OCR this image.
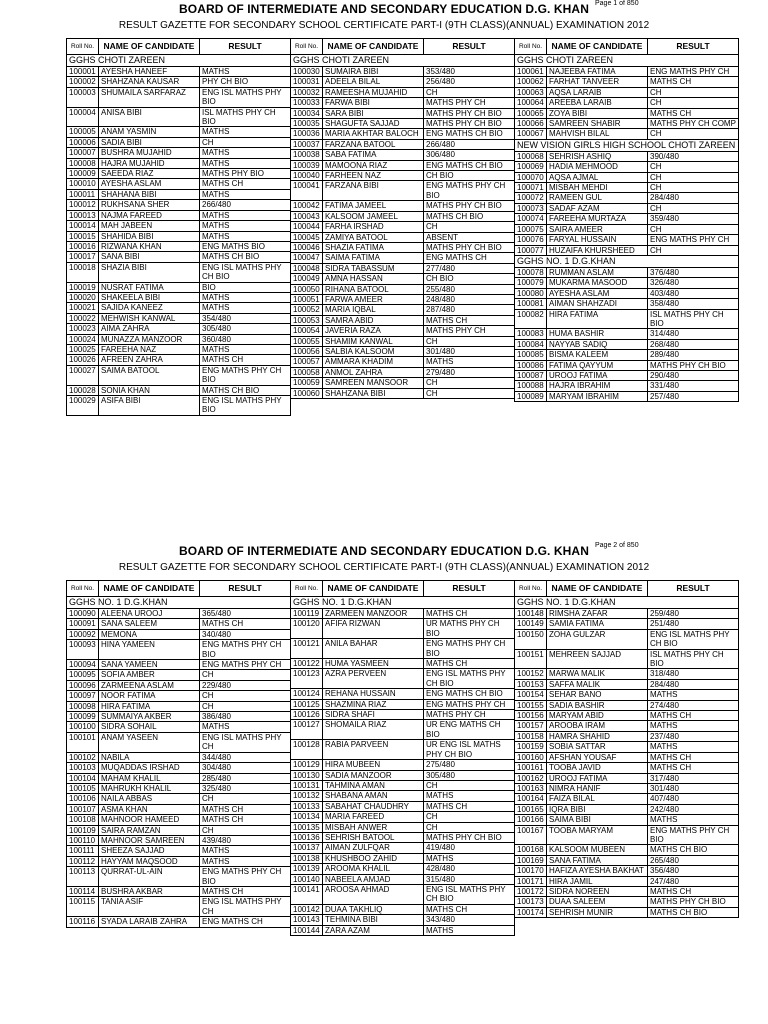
BOARD OF INTERMEDIATE AND SECONDARY EDUCATION D.G. KHAN Page 1 of 850
RESULT GAZETTE FOR SECONDARY SCHOOL CERTIFICATE PART-I (9TH CLASS)(ANNUAL) EXAMINATION 2012
Roll No.	NAME OF CANDIDATE	RESULT
GGHS CHOTI ZAREEN		
100001	AYESHA HANEEF	MATHS
100002	SHAHZANA KAUSAR	PHY CH BIO
100003	SHUMAILA SARFARAZ	ENG ISL MATHS PHY BIO
100004	ANISA BIBI	ISL MATHS PHY CH BIO
100005	ANAM YASMIN	MATHS
100006	SADIA BIBI	CH
100007	BUSHRA MUJAHID	MATHS
100008	HAJRA MUJAHID	MATHS
100009	SAEEDA RIAZ	MATHS PHY BIO
100010	AYESHA ASLAM	MATHS CH
100011	SHAHANA BIBI	MATHS
100012	RUKHSANA SHER	266/480
100013	NAJMA FAREED	MATHS
100014	MAH JABEEN	MATHS
100015	SHAHIDA BIBI	MATHS
100016	RIZWANA KHAN	ENG MATHS BIO
100017	SANA BIBI	MATHS CH BIO
100018	SHAZIA BIBI	ENG ISL MATHS PHY CH BIO
100019	NUSRAT FATIMA	BIO
100020	SHAKEELA BIBI	MATHS
100021	SAJIDA KANEEZ	MATHS
100022	MEHWISH KANWAL	354/480
100023	AIMA ZAHRA	305/480
100024	MUNAZZA MANZOOR	360/480
100025	FAREEHA NAZ	MATHS
100026	AFREEN ZAHRA	MATHS CH
100027	SAIMA BATOOL	ENG MATHS PHY CH BIO
100028	SONIA KHAN	MATHS CH BIO
100029	ASIFA BIBI	ENG ISL MATHS PHY BIO
Roll No.	NAME OF CANDIDATE	RESULT
GGHS CHOTI ZAREEN		
100030	SUMAIRA BIBI	353/480
100031	ADEELA BILAL	256/480
100032	RAMEESHA MUJAHID	CH
100033	FARWA BIBI	MATHS PHY CH
100034	SARA BIBI	MATHS PHY CH BIO
100035	SHAGUFTA SAJJAD	MATHS PHY CH BIO
100036	MARIA AKHTAR BALOCH	ENG MATHS CH BIO
100037	FARZANA BATOOL	266/480
100038	SABA FATIMA	306/480
100039	MAMOONA RIAZ	ENG MATHS CH BIO
100040	FARHEEN NAZ	CH BIO
100041	FARZANA BIBI	ENG MATHS PHY CH BIO
100042	FATIMA JAMEEL	MATHS PHY CH BIO
100043	KALSOOM JAMEEL	MATHS CH BIO
100044	FARHA IRSHAD	CH
100045	ZAMIYA BATOOL	ABSENT
100046	SHAZIA FATIMA	MATHS PHY CH BIO
100047	SAIMA FATIMA	ENG MATHS CH
100048	SIDRA TABASSUM	277/480
100049	AMNA HASSAN	CH BIO
100050	RIHANA BATOOL	255/480
100051	FARWA AMEER	248/480
100052	MARIA IQBAL	287/480
100053	SAMRA ABID	MATHS CH
100054	JAVERIA RAZA	MATHS PHY CH
100055	SHAMIM KANWAL	CH
100056	SALBIA KALSOOM	301/480
100057	AMMARA KHADIM	MATHS
100058	ANMOL ZAHRA	279/480
100059	SAMREEN MANSOOR	CH
100060	SHAHZANA BIBI	CH
Roll No.	NAME OF CANDIDATE	RESULT
GGHS CHOTI ZAREEN		
100061	NAJEEBA FATIMA	ENG MATHS PHY CH
100062	FARHAT TANVEER	MATHS CH
100063	AQSA LARAIB	CH
100064	AREEBA LARAIB	CH
100065	ZOYA BIBI	MATHS CH
100066	SAMREEN SHABIR	MATHS PHY CH COMP
100067	MAHVISH BILAL	CH
NEW VISION GIRLS HIGH SCHOOL CHOTI ZAREEN		
100068	SEHRISH ASHIQ	390/480
100069	HADIA MEHMOOD	CH
100070	AQSA AJMAL	CH
100071	MISBAH MEHDI	CH
100072	RAMEEN GUL	284/480
100073	SADAF AZAM	CH
100074	FAREEHA MURTAZA	359/480
100075	SAIRA AMEER	CH
100076	FARYAL HUSSAIN	ENG MATHS PHY CH
100077	HUZAIFA KHURSHEED	CH
GGHS NO. 1 D.G.KHAN		
100078	RUMMAN ASLAM	376/480
100079	MUKARMA MASOOD	326/480
100080	AYESHA ASLAM	403/480
100081	AIMAN SHAHZADI	358/480
100082	HIRA FATIMA	ISL MATHS PHY CH BIO
100083	HUMA BASHIR	314/480
100084	NAYYAB SADIQ	268/480
100085	BISMA KALEEM	289/480
100086	FATIMA QAYYUM	MATHS PHY CH BIO
100087	UROOJ FATIMA	290/480
100088	HAJRA IBRAHIM	331/480
100089	MARYAM IBRAHIM	257/480
BOARD OF INTERMEDIATE AND SECONDARY EDUCATION D.G. KHAN Page 2 of 850
RESULT GAZETTE FOR SECONDARY SCHOOL CERTIFICATE PART-I (9TH CLASS)(ANNUAL) EXAMINATION 2012
Roll No.	NAME OF CANDIDATE	RESULT
GGHS NO. 1 D.G.KHAN		
100090	ALEENA UROOJ	365/480
100091	SANA SALEEM	MATHS CH
100092	MEMONA	340/480
100093	HINA YAMEEN	ENG MATHS PHY CH BIO
100094	SANA YAMEEN	ENG MATHS PHY CH
100095	SOFIA AMBER	CH
100096	ZARMEENA ASLAM	229/480
100097	NOOR FATIMA	CH
100098	HIRA FATIMA	CH
100099	SUMMAIYA AKBER	386/480
100100	SIDRA SOHAIL	MATHS
100101	ANAM YASEEN	ENG ISL MATHS PHY CH
100102	NABILA	344/480
100103	MUQADDAS IRSHAD	304/480
100104	MAHAM KHALIL	285/480
100105	MAHRUKH KHALIL	325/480
100106	NAILA ABBAS	CH
100107	ASMA KHAN	MATHS CH
100108	MAHNOOR HAMEED	MATHS CH
100109	SAIRA RAMZAN	CH
100110	MAHNOOR SAMREEN	439/480
100111	SHEEZA SAJJAD	MATHS
100112	HAYYAM MAQSOOD	MATHS
100113	QURRAT-UL-AIN	ENG MATHS PHY CH BIO
100114	BUSHRA AKBAR	MATHS CH
100115	TANIA ASIF	ENG ISL MATHS PHY CH
100116	SYADA LARAIB ZAHRA	ENG MATHS CH
Roll No.	NAME OF CANDIDATE	RESULT
GGHS NO. 1 D.G.KHAN		
100119	ZARMEEN MANZOOR	MATHS CH
100120	AFIFA RIZWAN	UR MATHS PHY CH BIO
100121	ANILA BAHAR	ENG MATHS PHY CH BIO
100122	HUMA YASMEEN	MATHS CH
100123	AZRA PERVEEN	ENG ISL MATHS PHY CH BIO
100124	REHANA HUSSAIN	ENG MATHS CH BIO
100125	SHAZMINA RIAZ	ENG MATHS PHY CH
100126	SIDRA SHAFI	MATHS PHY CH
100127	SHOMAILA RIAZ	UR ENG MATHS CH BIO
100128	RABIA PARVEEN	UR ENG ISL MATHS PHY CH BIO
100129	HIRA MUBEEN	275/480
100130	SADIA MANZOOR	305/480
100131	TAHMINA AMAN	CH
100132	SHABANA AMAN	MATHS
100133	SABAHAT CHAUDHRY	MATHS CH
100134	MARIA FAREED	CH
100135	MISBAH ANWER	CH
100136	SEHRISH BATOOL	MATHS PHY CH BIO
100137	AIMAN ZULFQAR	419/480
100138	KHUSHBOO ZAHID	MATHS
100139	AROOMA KHALIL	428/480
100140	NABEELA AMJAD	315/480
100141	AROOSA AHMAD	ENG ISL MATHS PHY CH BIO
100142	DUAA TAKHLIQ	MATHS CH
100143	TEHMINA BIBI	343/480
100144	ZARA AZAM	MATHS
Roll No.	NAME OF CANDIDATE	RESULT
GGHS NO. 1 D.G.KHAN		
100148	RIMSHA ZAFAR	259/480
100149	SAMIA FATIMA	251/480
100150	ZOHA GULZAR	ENG ISL MATHS PHY CH BIO
100151	MEHREEN SAJJAD	ISL MATHS PHY CH BIO
100152	MARWA MALIK	318/480
100153	SAFFA MALIK	284/480
100154	SEHAR BANO	MATHS
100155	SADIA BASHIR	274/480
100156	MARYAM ABID	MATHS CH
100157	AROOBA IRAM	MATHS
100158	HAMRA SHAHID	237/480
100159	SOBIA SATTAR	MATHS
100160	AFSHAN YOUSAF	MATHS CH
100161	TOOBA JAVID	MATHS CH
100162	UROOJ FATIMA	317/480
100163	NIMRA HANIF	301/480
100164	FAIZA BILAL	407/480
100165	IQRA BIBI	242/480
100166	SAIMA BIBI	MATHS
100167	TOOBA MARYAM	ENG MATHS PHY CH BIO
100168	KALSOOM MUBEEN	MATHS CH BIO
100169	SANA FATIMA	265/480
100170	HAFIZA AYESHA BAKHAT	356/480
100171	HIRA JAMIL	247/480
100172	SIDRA NOREEN	MATHS CH
100173	DUAA SALEEM	MATHS PHY CH BIO
100174	SEHRISH MUNIR	MATHS CH BIO
